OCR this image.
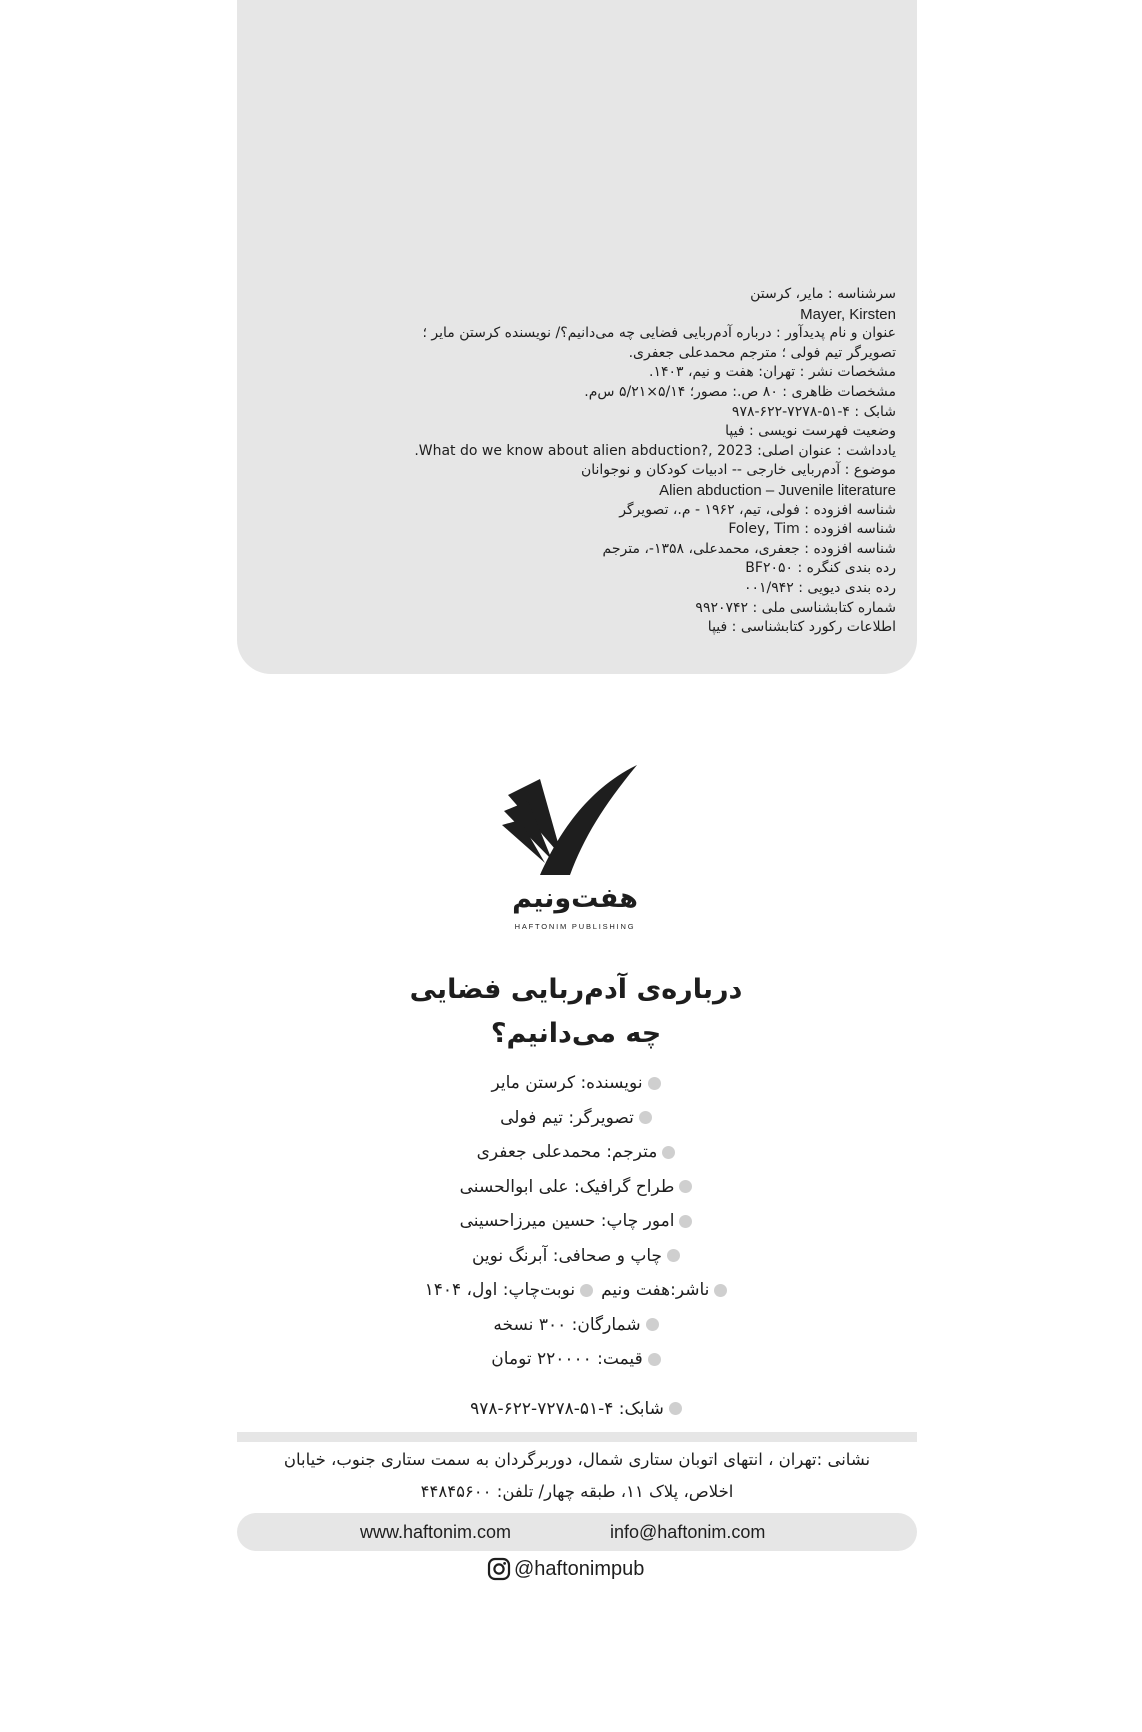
سرشناسه : مایر، کرستن
Mayer, Kirsten
عنوان و نام پدیدآور : درباره آدم‌ربایی فضایی چه می‌دانیم؟/ نویسنده کرستن مایر ؛
تصویرگر تیم فولی ؛ مترجم محمدعلی جعفری.
مشخصات نشر : تهران: هفت و نیم، ۱۴۰۳.
مشخصات ظاهری : ۸۰ ص.: مصور؛ ۵/۱۴×۵/۲۱ س‌م.
شابک : ۴-۵۱-۷۲۷۸-۶۲۲-۹۷۸
وضعیت فهرست نویسی : فیپا
یادداشت : عنوان اصلی: What do we know about alien abduction?, 2023.
موضوع : آدم‌ربایی خارجی -- ادبیات کودکان و نوجوانان
Alien abduction – Juvenile literature
شناسه افزوده : فولی، تیم، ۱۹۶۲ - م.، تصویرگر
شناسه افزوده : Foley, Tim
شناسه افزوده : جعفری، محمدعلی، ۱۳۵۸-، مترجم
رده بندی کنگره : BF۲۰۵۰
رده بندی دیویی : ۰۰۱/۹۴۲
شماره کتابشناسی ملی : ۹۹۲۰۷۴۲
اطلاعات رکورد کتابشناسی : فیپا
هفت‌ونیم
HAFTONIM PUBLISHING
درباره‌ی آدم‌ربایی فضایی
چه می‌دانیم؟
نویسنده: کرستن مایر
تصویرگر: تیم فولی
مترجم: محمدعلی جعفری
طراح گرافیک: علی ابوالحسنی
امور چاپ: حسین میرزاحسینی
چاپ و صحافی: آبرنگ نوین
ناشر:هفت ونیم
نوبت‌چاپ: اول، ۱۴۰۴
شمارگان: ۳۰۰ نسخه
قیمت: ۲۲۰۰۰۰ تومان
شابک: ۴-۵۱-۷۲۷۸-۶۲۲-۹۷۸
نشانی :تهران ، انتهای اتوبان ستاری شمال، دوربرگردان به سمت ستاری جنوب، خیابان
اخلاص، پلاک ۱۱، طبقه چهار/ تلفن: ۴۴۸۴۵۶۰۰
www.haftonim.com	info@haftonim.com
@haftonimpub
